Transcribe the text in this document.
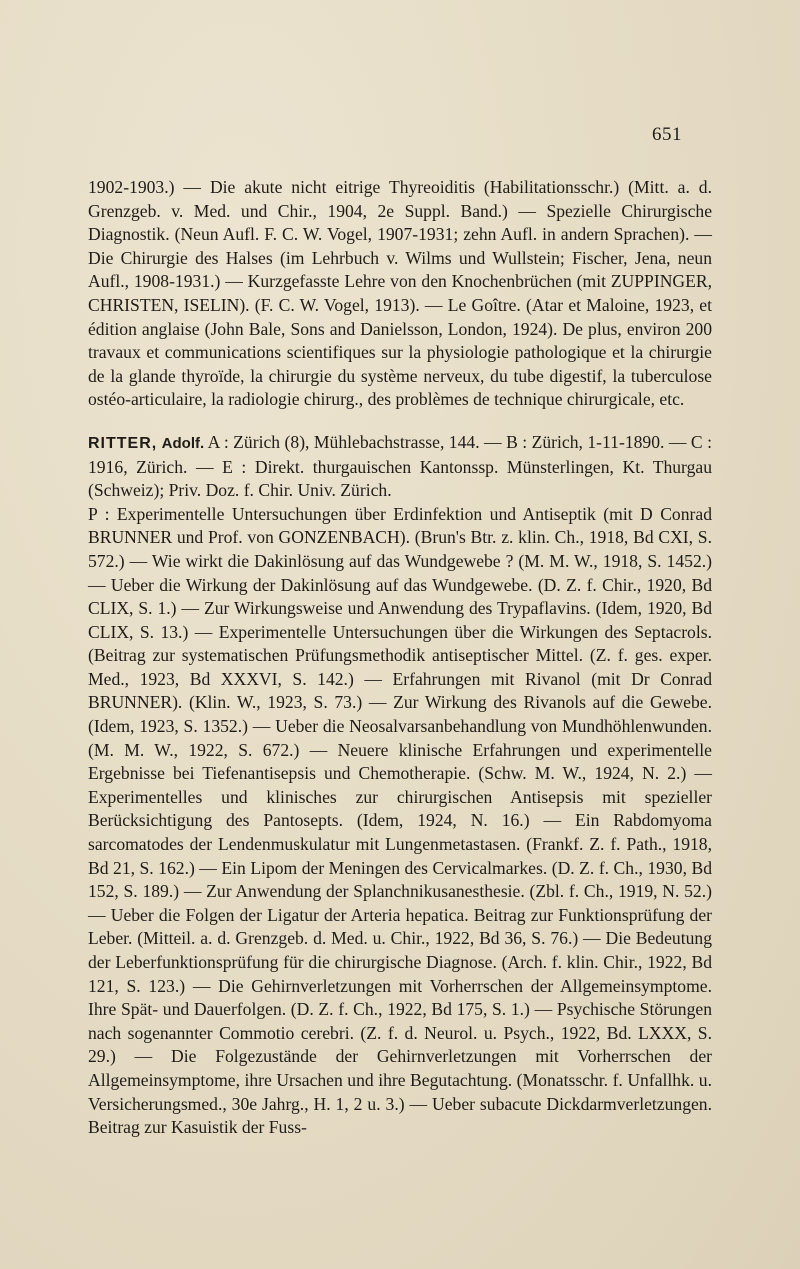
651

1902-1903.) — Die akute nicht eitrige Thyreoiditis (Habilitationsschr.) (Mitt. a. d. Grenzgeb. v. Med. und Chir., 1904, 2e Suppl. Band.) — Spezielle Chirurgische Diagnostik. (Neun Aufl. F. C. W. Vogel, 1907-1931; zehn Aufl. in andern Sprachen). — Die Chirurgie des Halses (im Lehrbuch v. Wilms und Wullstein; Fischer, Jena, neun Aufl., 1908-1931.) — Kurzgefasste Lehre von den Knochenbrüchen (mit ZUPPINGER, CHRISTEN, ISELIN). (F. C. W. Vogel, 1913). — Le Goître. (Atar et Maloine, 1923, et édition anglaise (John Bale, Sons and Danielsson, London, 1924). De plus, environ 200 travaux et communications scientifiques sur la physiologie pathologique et la chirurgie de la glande thyroïde, la chirurgie du système nerveux, du tube digestif, la tuberculose ostéo-articulaire, la radiologie chirurg., des problèmes de technique chirurgicale, etc.

RITTER, Adolf. A : Zürich (8), Mühlebachstrasse, 144. — B : Zürich, 1-11-1890. — C : 1916, Zürich. — E : Direkt. thurgauischen Kantonssp. Münsterlingen, Kt. Thurgau (Schweiz); Priv. Doz. f. Chir. Univ. Zürich.

P : Experimentelle Untersuchungen über Erdinfektion und Antiseptik (mit D Conrad BRUNNER und Prof. von GONZENBACH). (Brun's Btr. z. klin. Ch., 1918, Bd CXI, S. 572.) — Wie wirkt die Dakinlösung auf das Wundgewebe ? (M. M. W., 1918, S. 1452.) — Ueber die Wirkung der Dakinlösung auf das Wundgewebe. (D. Z. f. Chir., 1920, Bd CLIX, S. 1.) — Zur Wirkungsweise und Anwendung des Trypaflavins. (Idem, 1920, Bd CLIX, S. 13.) — Experimentelle Untersuchungen über die Wirkungen des Septacrols. (Beitrag zur systematischen Prüfungsmethodik antiseptischer Mittel. (Z. f. ges. exper. Med., 1923, Bd XXXVI, S. 142.) — Erfahrungen mit Rivanol (mit Dr Conrad BRUNNER). (Klin. W., 1923, S. 73.) — Zur Wirkung des Rivanols auf die Gewebe. (Idem, 1923, S. 1352.) — Ueber die Neosalvarsanbehandlung von Mundhöhlenwunden. (M. M. W., 1922, S. 672.) — Neuere klinische Erfahrungen und experimentelle Ergebnisse bei Tiefenantisepsis und Chemotherapie. (Schw. M. W., 1924, N. 2.) — Experimentelles und klinisches zur chirurgischen Antisepsis mit spezieller Berücksichtigung des Pantosepts. (Idem, 1924, N. 16.) — Ein Rabdomyoma sarcomatodes der Lendenmuskulatur mit Lungenmetastasen. (Frankf. Z. f. Path., 1918, Bd 21, S. 162.) — Ein Lipom der Meningen des Cervicalmarkes. (D. Z. f. Ch., 1930, Bd 152, S. 189.) — Zur Anwendung der Splanchnikusanesthesie. (Zbl. f. Ch., 1919, N. 52.) — Ueber die Folgen der Ligatur der Arteria hepatica. Beitrag zur Funktionsprüfung der Leber. (Mitteil. a. d. Grenzgeb. d. Med. u. Chir., 1922, Bd 36, S. 76.) — Die Bedeutung der Leberfunktionsprüfung für die chirurgische Diagnose. (Arch. f. klin. Chir., 1922, Bd 121, S. 123.) — Die Gehirnverletzungen mit Vorherrschen der Allgemeinsymptome. Ihre Spät- und Dauerfolgen. (D. Z. f. Ch., 1922, Bd 175, S. 1.) — Psychische Störungen nach sogenannter Commotio cerebri. (Z. f. d. Neurol. u. Psych., 1922, Bd. LXXX, S. 29.) — Die Folgezustände der Gehirnverletzungen mit Vorherrschen der Allgemeinsymptome, ihre Ursachen und ihre Begutachtung. (Monatsschr. f. Unfallhk. u. Versicherungsmed., 30e Jahrg., H. 1, 2 u. 3.) — Ueber subacute Dickdarmverletzungen. Beitrag zur Kasuistik der Fuss-
